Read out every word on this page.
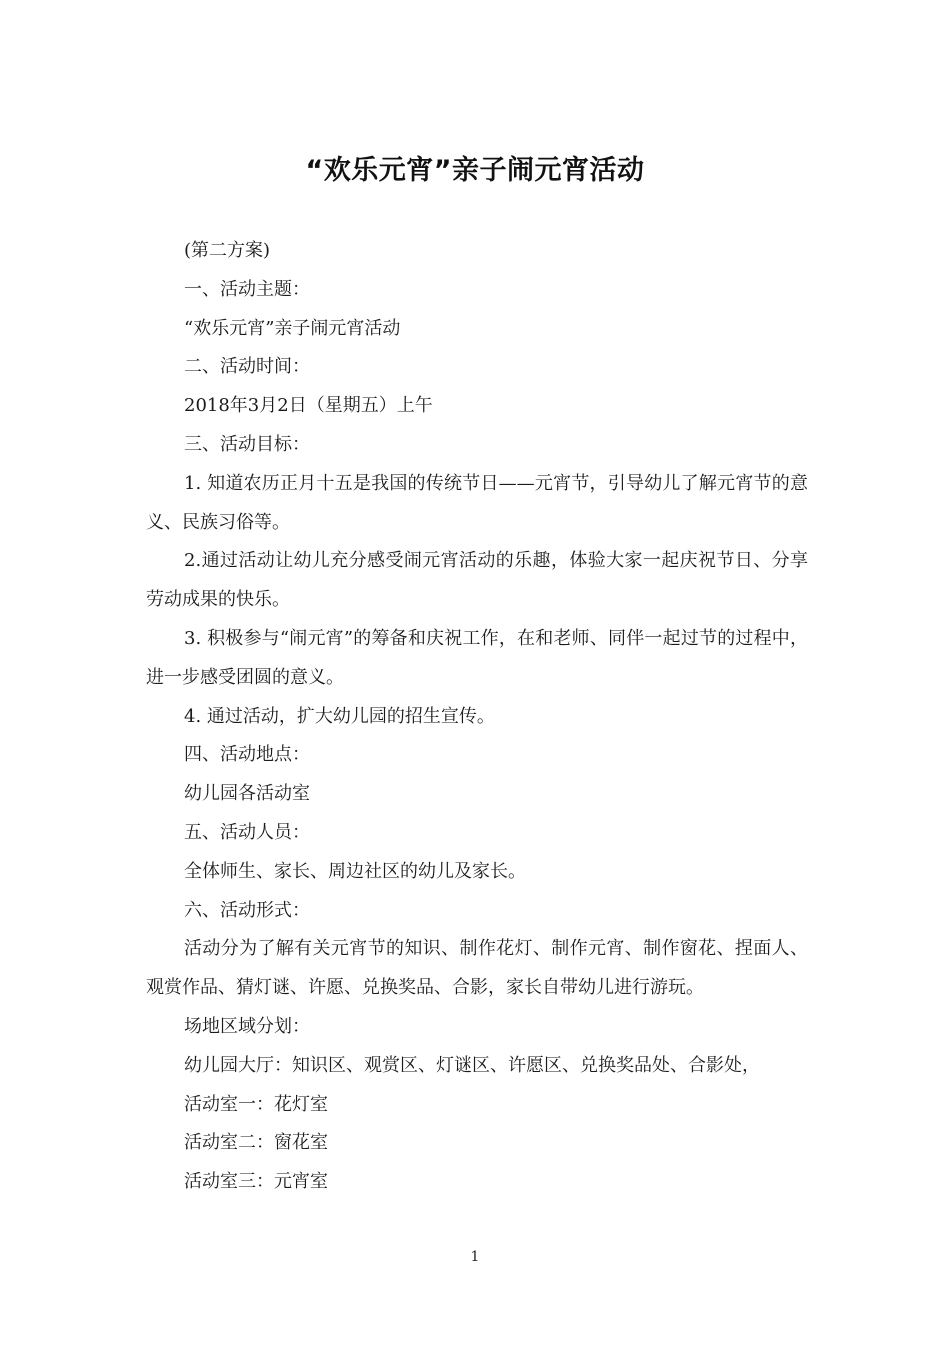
“欢乐元宵”亲子闹元宵活动

(第二方案)

一、活动主题：

“欢乐元宵”亲子闹元宵活动

二、活动时间：

2018年3月2日（星期五）上午

三、活动目标：

1. 知道农历正月十五是我国的传统节日——元宵节，引导幼儿了解元宵节的意义、民族习俗等。

2.通过活动让幼儿充分感受闹元宵活动的乐趣，体验大家一起庆祝节日、分享劳动成果的快乐。

3. 积极参与“闹元宵”的筹备和庆祝工作，在和老师、同伴一起过节的过程中，进一步感受团圆的意义。

4. 通过活动，扩大幼儿园的招生宣传。

四、活动地点：

幼儿园各活动室

五、活动人员：

全体师生、家长、周边社区的幼儿及家长。

六、活动形式：

活动分为了解有关元宵节的知识、制作花灯、制作元宵、制作窗花、捏面人、观赏作品、猜灯谜、许愿、兑换奖品、合影，家长自带幼儿进行游玩。

场地区域分划：

幼儿园大厅：知识区、观赏区、灯谜区、许愿区、兑换奖品处、合影处，

活动室一：花灯室

活动室二：窗花室

活动室三：元宵室

1
